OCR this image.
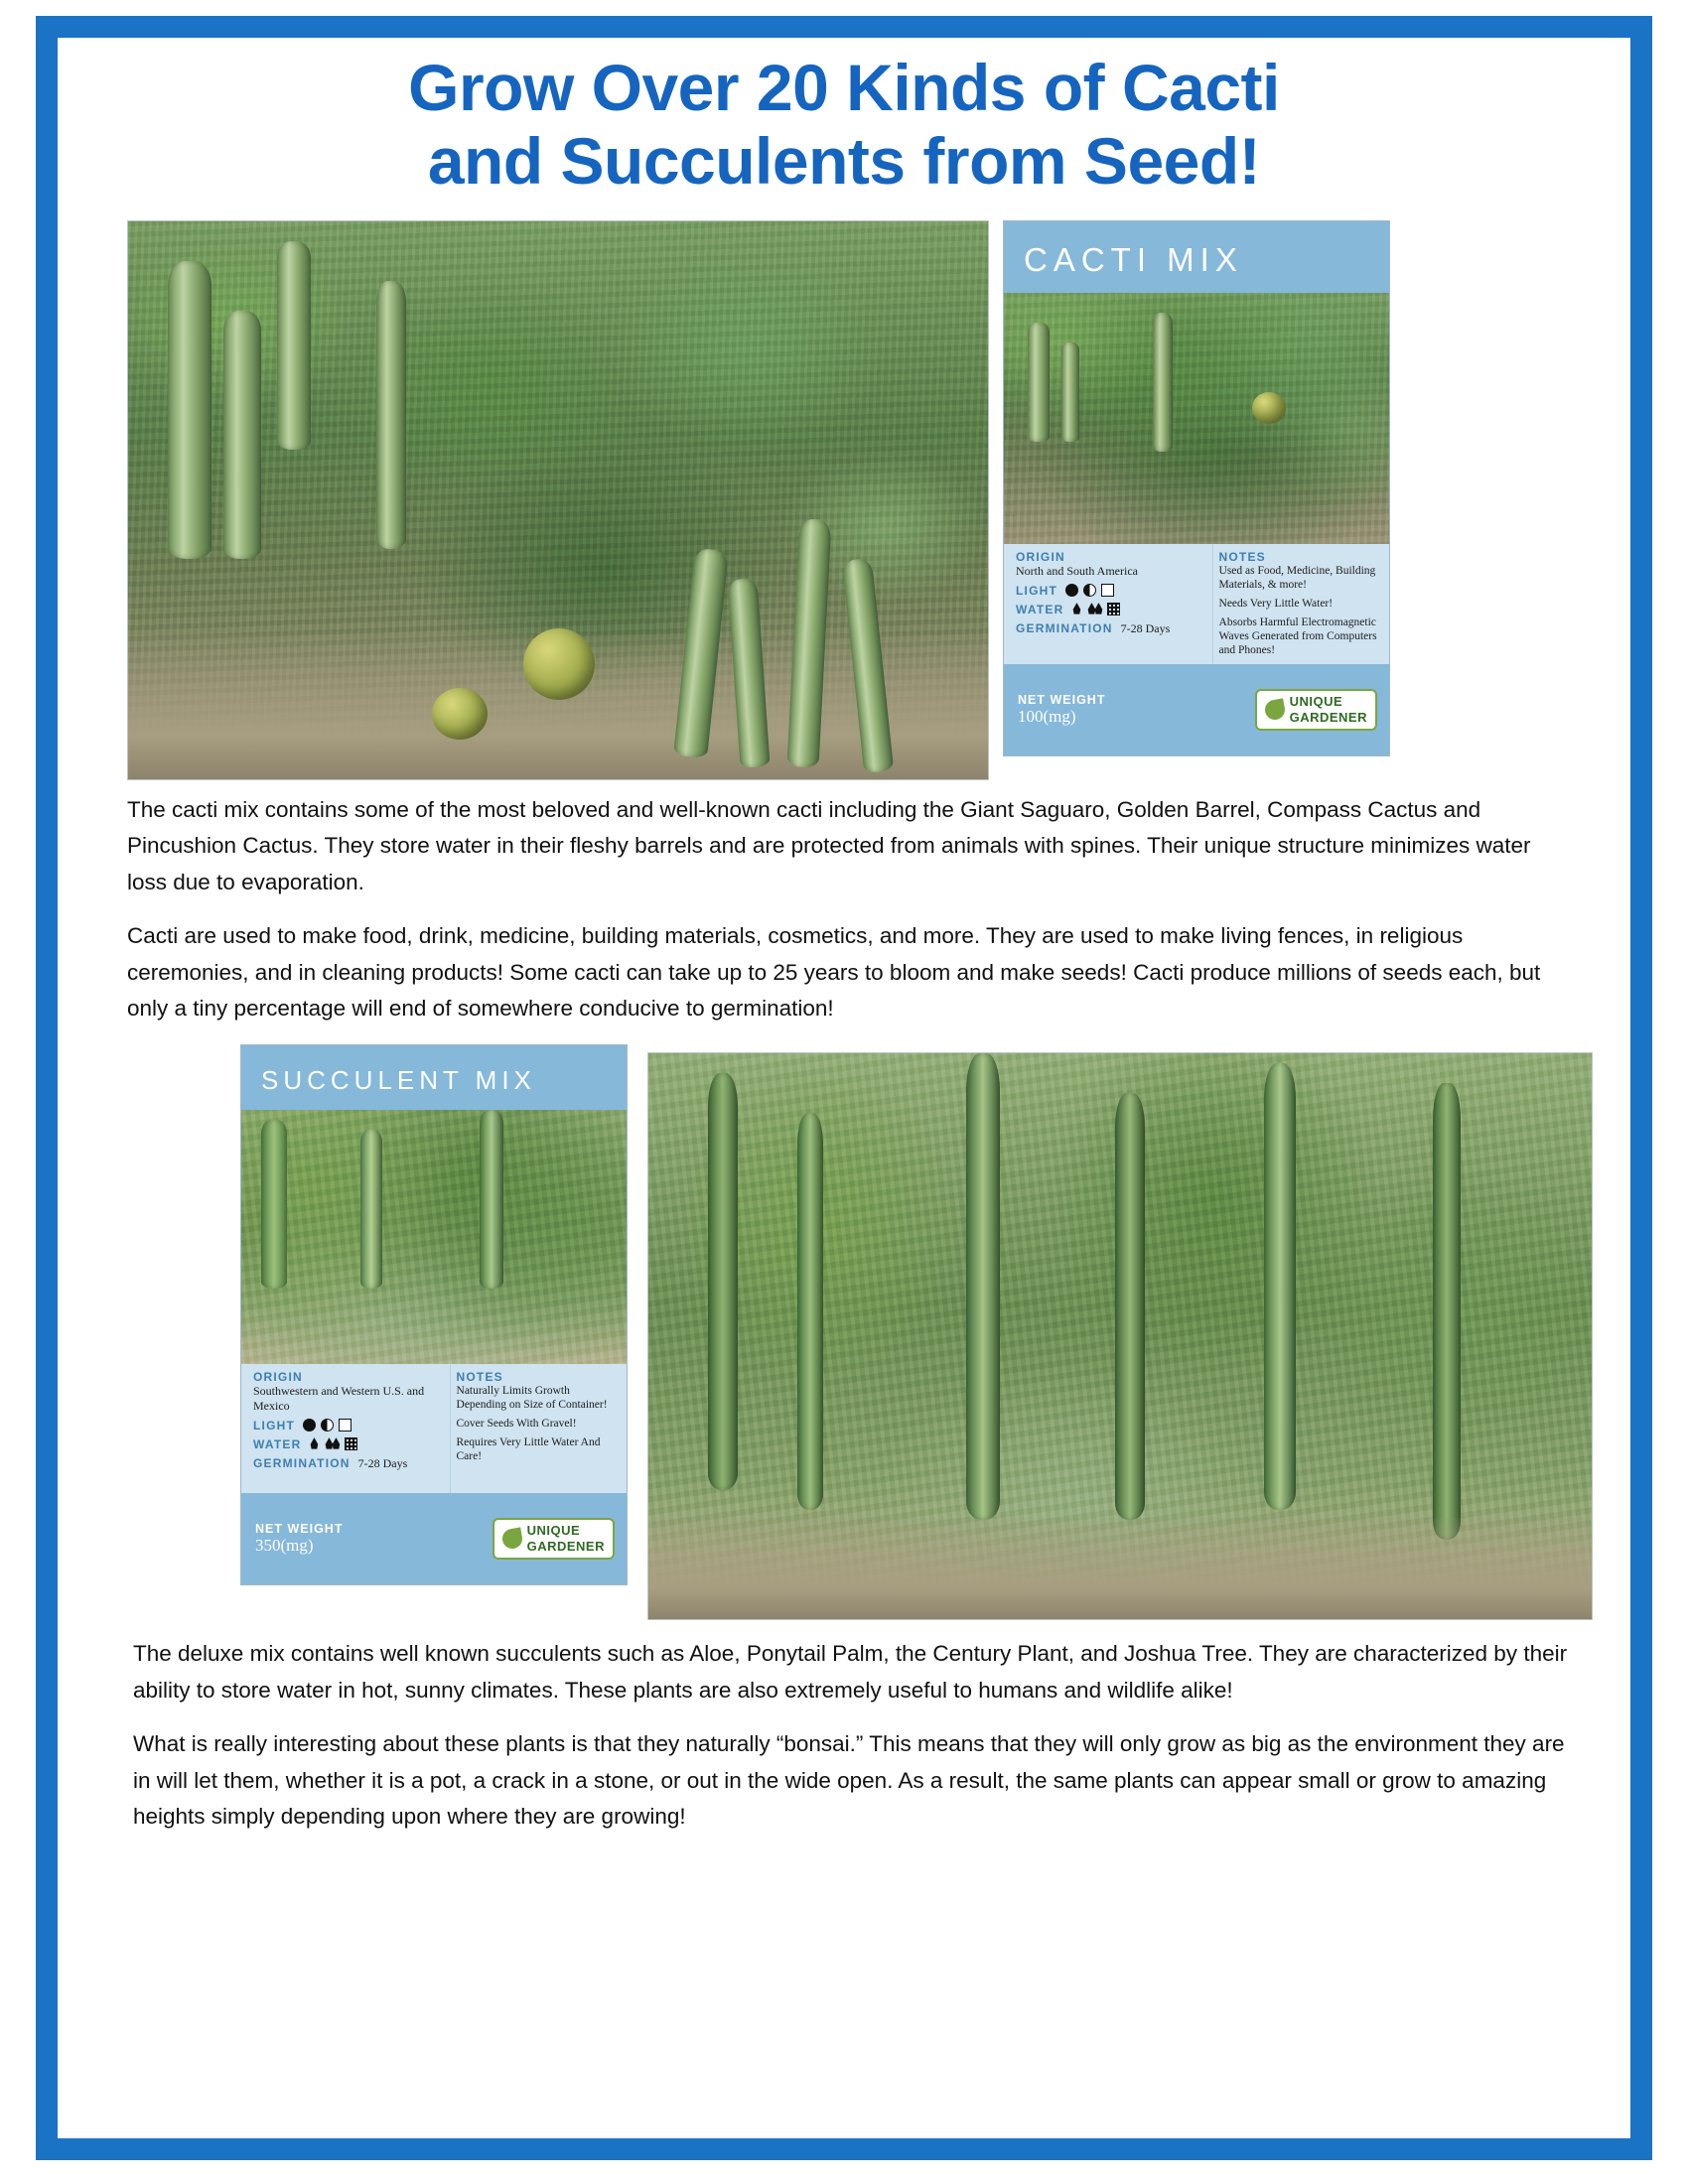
Grow Over 20 Kinds of Cacti
and Succulents from Seed!
CACTI MIX
ORIGIN
North and South America
LIGHT
WATER
GERMINATION 7-28 Days
NOTES
Used as Food, Medicine, Building Materials, & more!
Needs Very Little Water!
Absorbs Harmful Electromagnetic Waves Generated from Computers and Phones!
NET WEIGHT
100(mg)
UNIQUE
GARDENER

The cacti mix contains some of the most beloved and well-known cacti including the Giant Saguaro, Golden Barrel, Compass Cactus and Pincushion Cactus. They store water in their fleshy barrels and are protected from animals with spines. Their unique structure minimizes water loss due to evaporation.

Cacti are used to make food, drink, medicine, building materials, cosmetics, and more. They are used to make living fences, in religious ceremonies, and in cleaning products! Some cacti can take up to 25 years to bloom and make seeds! Cacti produce millions of seeds each, but only a tiny percentage will end of somewhere conducive to germination!

SUCCULENT MIX
ORIGIN
Southwestern and Western U.S. and Mexico
LIGHT
WATER
GERMINATION 7-28 Days
NOTES
Naturally Limits Growth Depending on Size of Container!
Cover Seeds With Gravel!
Requires Very Little Water And Care!
NET WEIGHT
350(mg)
UNIQUE
GARDENER

The deluxe mix contains well known succulents such as Aloe, Ponytail Palm, the Century Plant, and Joshua Tree. They are characterized by their ability to store water in hot, sunny climates. These plants are also extremely useful to humans and wildlife alike!

What is really interesting about these plants is that they naturally “bonsai.” This means that they will only grow as big as the environment they are in will let them, whether it is a pot, a crack in a stone, or out in the wide open. As a result, the same plants can appear small or grow to amazing heights simply depending upon where they are growing!
